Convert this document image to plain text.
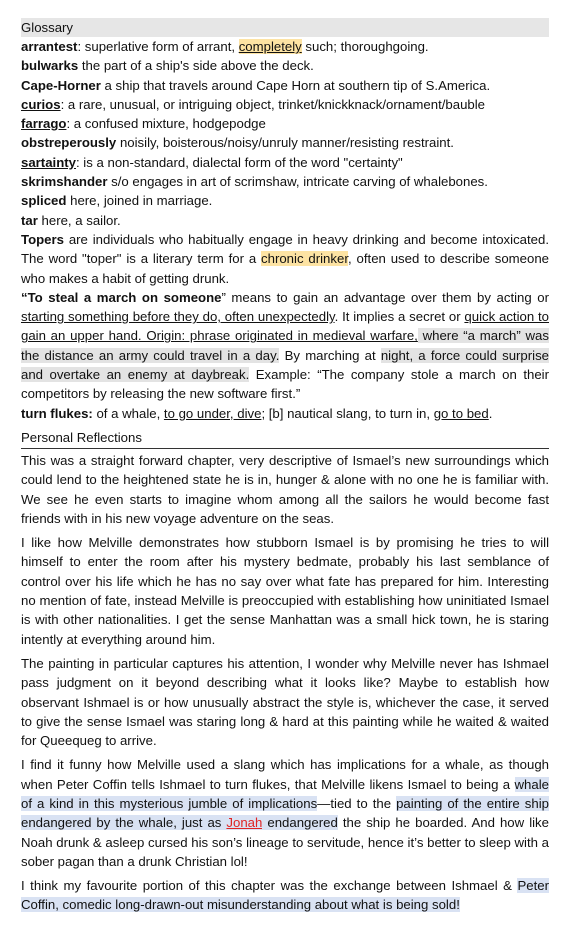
Glossary
arrantest: superlative form of arrant, completely such; thoroughgoing.
bulwarks the part of a ship's side above the deck.
Cape-Horner a ship that travels around Cape Horn at southern tip of S.America.
curios: a rare, unusual, or intriguing object, trinket/knickknack/ornament/bauble
farrago: a confused mixture, hodgepodge
obstreperously noisily, boisterous/noisy/unruly manner/resisting restraint.
sartainty: is a non-standard, dialectal form of the word "certainty"
skrimshander s/o engages in art of scrimshaw, intricate carving of whalebones.
spliced here, joined in marriage.
tar here, a sailor.
Topers are individuals who habitually engage in heavy drinking and become intoxicated. The word "toper" is a literary term for a chronic drinker, often used to describe someone who makes a habit of getting drunk.
“To steal a march on someone” means to gain an advantage over them by acting or starting something before they do, often unexpectedly. It implies a secret or quick action to gain an upper hand. Origin: phrase originated in medieval warfare, where “a march” was the distance an army could travel in a day. By marching at night, a force could surprise and overtake an enemy at daybreak. Example: “The company stole a march on their competitors by releasing the new software first.”
turn flukes: of a whale, to go under, dive; [b] nautical slang, to turn in, go to bed.
Personal Reflections

This was a straight forward chapter, very descriptive of Ismael’s new surroundings which could lend to the heightened state he is in, hunger & alone with no one he is familiar with. We see he even starts to imagine whom among all the sailors he would become fast friends with in his new voyage adventure on the seas.

I like how Melville demonstrates how stubborn Ismael is by promising he tries to will himself to enter the room after his mystery bedmate, probably his last semblance of control over his life which he has no say over what fate has prepared for him. Interesting no mention of fate, instead Melville is preoccupied with establishing how uninitiated Ismael is with other nationalities. I get the sense Manhattan was a small hick town, he is staring intently at everything around him.

The painting in particular captures his attention, I wonder why Melville never has Ishmael pass judgment on it beyond describing what it looks like? Maybe to establish how observant Ishmael is or how unusually abstract the style is, whichever the case, it served to give the sense Ismael was staring long & hard at this painting while he waited & waited for Queequeg to arrive.

I find it funny how Melville used a slang which has implications for a whale, as though when Peter Coffin tells Ishmael to turn flukes, that Melville likens Ismael to being a whale of a kind in this mysterious jumble of implications—tied to the painting of the entire ship endangered by the whale, just as Jonah endangered the ship he boarded. And how like Noah drunk & asleep cursed his son’s lineage to servitude, hence it’s better to sleep with a sober pagan than a drunk Christian lol!

I think my favourite portion of this chapter was the exchange between Ishmael & Peter Coffin, comedic long-drawn-out misunderstanding about what is being sold!
